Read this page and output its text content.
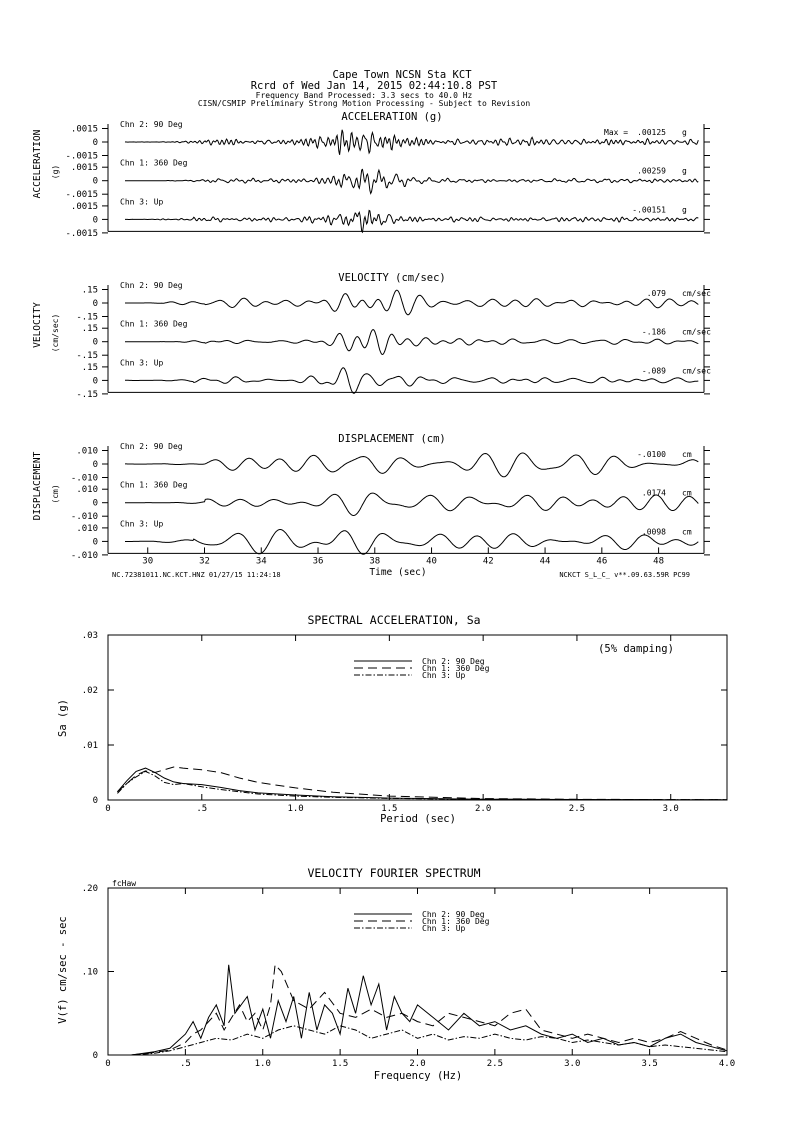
Cape Town NCSN Sta KCT
Rcrd of Wed Jan 14, 2015 02:44:10.8 PST
Frequency Band Processed: 3.3 secs to 40.0 Hz
CISN/CSMIP Preliminary Strong Motion Processing - Subject to Revision
ACCELERATION (g)
ACCELERATION (g)
.0015
0
-.0015
Chn 2: 90 Deg
Max = .00125 g
.0015
0
-.0015
Chn 1: 360 Deg
.00259 g
.0015
0
-.0015
Chn 3: Up
-.00151 g
VELOCITY (cm/sec)
VELOCITY (cm/sec)
.15
0
-.15
Chn 2: 90 Deg
.079 cm/sec
.15
0
-.15
Chn 1: 360 Deg
-.186 cm/sec
.15
0
-.15
Chn 3: Up
-.089 cm/sec
DISPLACEMENT (cm)
DISPLACEMENT (cm)
.010
0
-.010
Chn 2: 90 Deg
-.0100 cm
.010
0
-.010
Chn 1: 360 Deg
.0174 cm
.010
0
-.010
Chn 3: Up
.0098 cm
Time (sec)
NC.72381011.NC.KCT.HNZ 01/27/15 11:24:18	NCKCT S_L_C_ v**.09.63.59R PC99
30	32	34	36	38	40	42	44	46	48
SPECTRAL ACCELERATION, Sa
(5% damping)
Period (sec)
Sa (g)
0	.5	1.0	1.5	2.0	2.5	3.0
0
.01
.02
.03
Chn 2: 90 Deg
Chn 1: 360 Deg
Chn 3: Up
VELOCITY FOURIER SPECTRUM
fcHaw
Frequency (Hz)
V(f) cm/sec - sec
0	.5	1.0	1.5	2.0	2.5	3.0	3.5	4.0
0
.10
.20
Chn 2: 90 Deg
Chn 1: 360 Deg
Chn 3: Up
